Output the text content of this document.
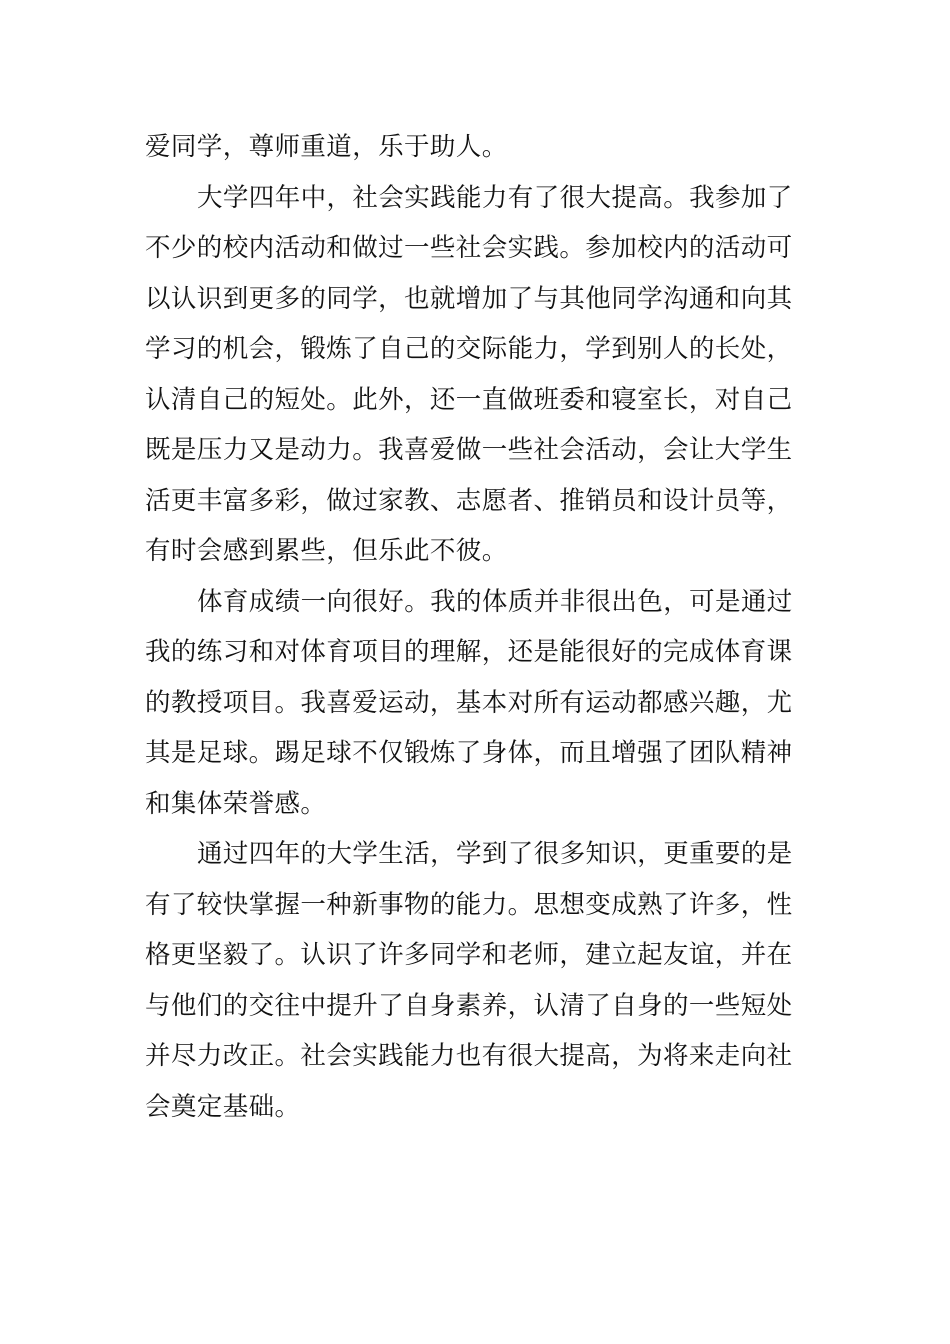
爱同学，尊师重道，乐于助人。
大学四年中，社会实践能力有了很大提高。我参加了
不少的校内活动和做过一些社会实践。参加校内的活动可
以认识到更多的同学，也就增加了与其他同学沟通和向其
学习的机会，锻炼了自己的交际能力，学到别人的长处，
认清自己的短处。此外，还一直做班委和寝室长，对自己
既是压力又是动力。我喜爱做一些社会活动，会让大学生
活更丰富多彩，做过家教、志愿者、推销员和设计员等，
有时会感到累些，但乐此不彼。
体育成绩一向很好。我的体质并非很出色，可是通过
我的练习和对体育项目的理解，还是能很好的完成体育课
的教授项目。我喜爱运动，基本对所有运动都感兴趣，尤
其是足球。踢足球不仅锻炼了身体，而且增强了团队精神
和集体荣誉感。
通过四年的大学生活，学到了很多知识，更重要的是
有了较快掌握一种新事物的能力。思想变成熟了许多，性
格更坚毅了。认识了许多同学和老师，建立起友谊，并在
与他们的交往中提升了自身素养，认清了自身的一些短处
并尽力改正。社会实践能力也有很大提高，为将来走向社
会奠定基础。
